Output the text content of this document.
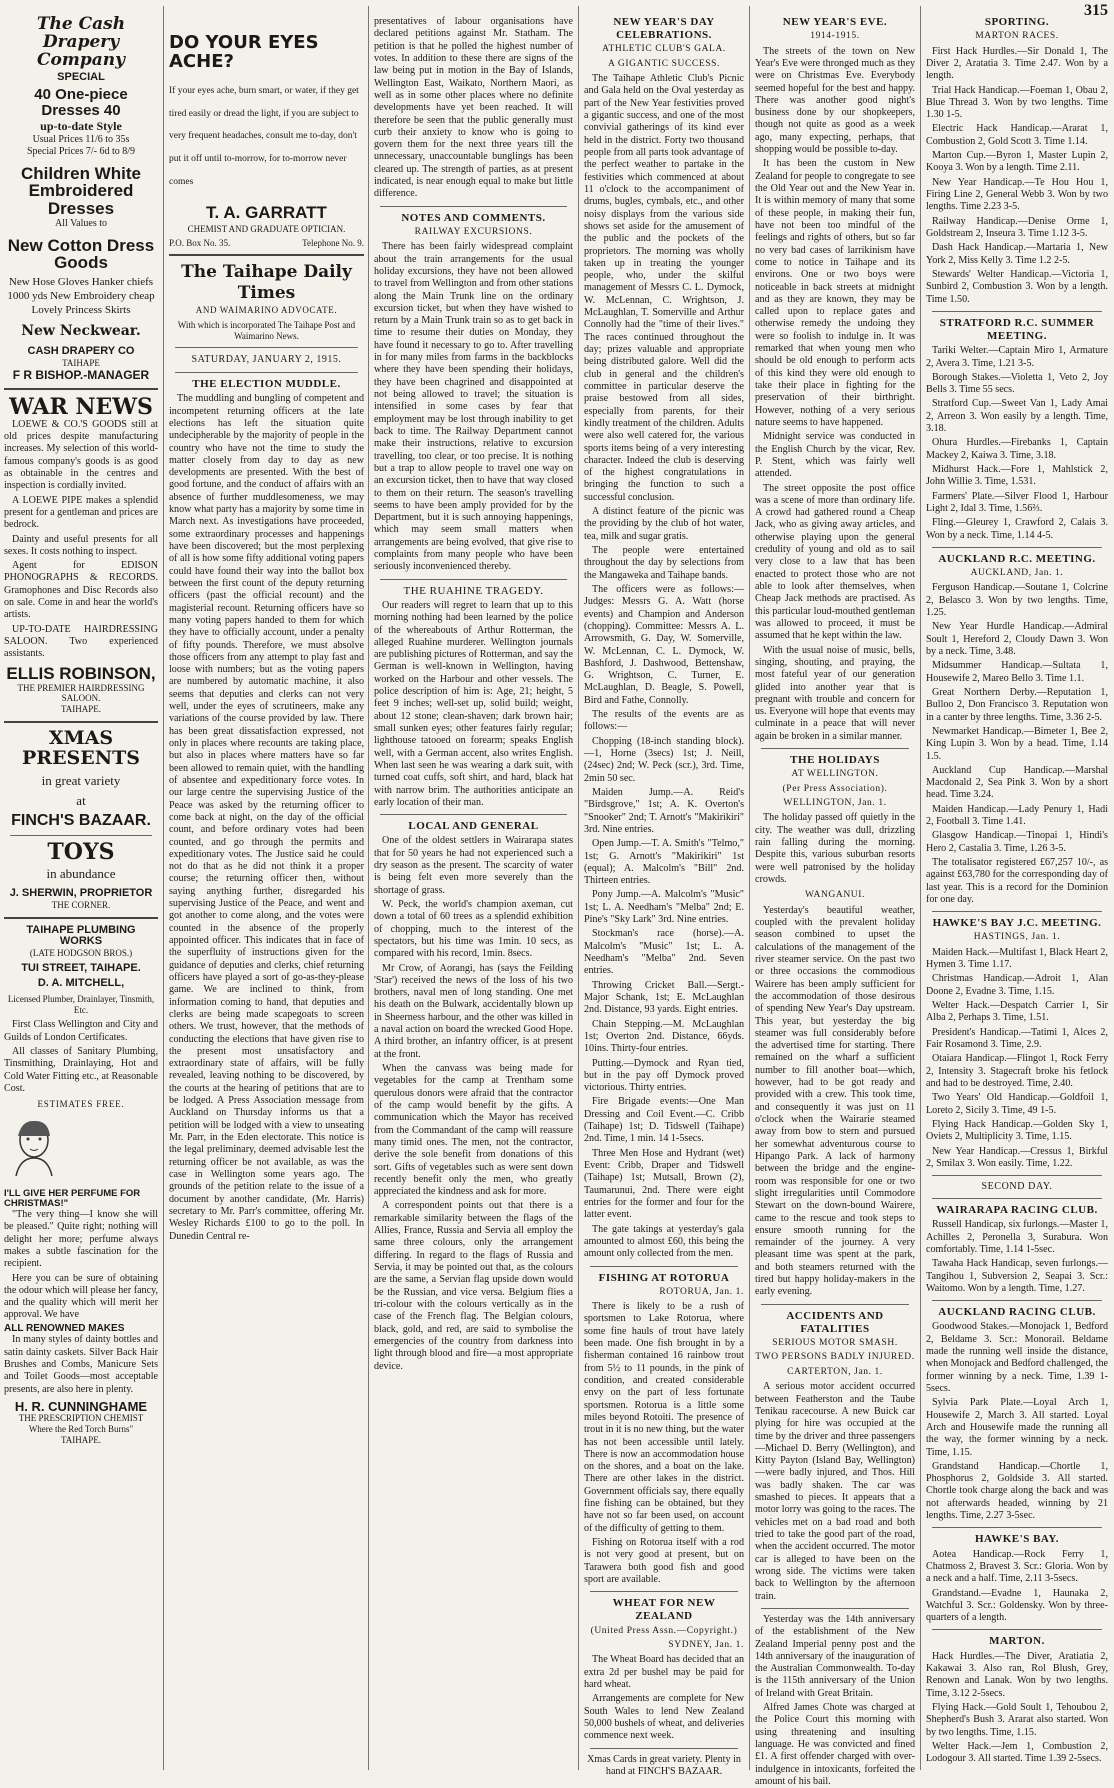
315
The Cash Drapery Company
SPECIAL
40 One-piece Dresses 40
up-to-date Style
Usual Prices 11/6 to 35s
Special Prices 7/- 6d to 8/9
Children White Embroidered Dresses
All Values to
New Cotton Dress Goods
New Hose Gloves Hanker chiefs 1000 yds New Embroidery cheap Lovely Princess Skirts
New Neckwear.
CASH DRAPERY CO
TAIHAPE
F R BISHOP.-MANAGER
WAR NEWS

LOEWE & CO.'S GOODS still at old prices despite manufacturing increases. My selection of this world-famous company's goods is as good as obtainable in the centres and inspection is cordially invited.

A LOEWE PIPE makes a splendid present for a gentleman and prices are bedrock.

Dainty and useful presents for all sexes. It costs nothing to inspect.

Agent for EDISON PHONOGRAPHS & RECORDS. Gramophones and Disc Records also on sale. Come in and hear the world's artists.

UP-TO-DATE HAIRDRESSING SALOON. Two experienced assistants.

ELLIS ROBINSON,
THE PREMIER HAIRDRESSING SALOON.
TAIHAPE.
XMAS PRESENTS
in great variety
at
FINCH'S BAZAAR.
TOYS
in abundance
J. SHERWIN, PROPRIETOR
THE CORNER.
TAIHAPE PLUMBING WORKS
(LATE HODGSON BROS.)
TUI STREET, TAIHAPE.
D. A. MITCHELL,
Licensed Plumber, Drainlayer, Tinsmith, Etc.

First Class Wellington and City and Guilds of London Certificates.

All classes of Sanitary Plumbing, Tinsmithing, Drainlaying, Hot and Cold Water Fitting etc., at Reasonable Cost.

ESTIMATES FREE.
I'LL GIVE HER PERFUME FOR CHRISTMAS!"

"The very thing—I know she will be pleased." Quite right; nothing will delight her more; perfume always makes a subtle fascination for the recipient.

Here you can be sure of obtaining the odour which will please her fancy, and the quality which will merit her approval. We have

ALL RENOWNED MAKES

In many styles of dainty bottles and satin dainty caskets. Silver Back Hair Brushes and Combs, Manicure Sets and Toilet Goods—most acceptable presents, are also here in plenty.

H. R. CUNNINGHAME
THE PRESCRIPTION CHEMIST
Where the Red Torch Burns"
TAIHAPE.
DO YOUR EYES ACHE?

If your eyes ache, burn smart, or water, if they get tired easily or dread the light, if you are subject to very frequent headaches, consult me to-day, don't put it off until to-morrow, for to-morrow never comes

T. A. GARRATT
CHEMIST AND GRADUATE OPTICIAN.
P.O. Box No. 35.	Telephone No. 9.
The Taihape Daily Times
AND WAIMARINO ADVOCATE.
With which is incorporated The Taihape Post and Waimarino News.
SATURDAY, JANUARY 2, 1915.
THE ELECTION MUDDLE.

The muddling and bungling of competent and incompetent returning officers at the late elections has left the situation quite undecipherable by the majority of people in the country who have not the time to study the matter closely from day to day as new developments are presented. With the best of good fortune, and the conduct of affairs with an absence of further muddlesomeness, we may know what party has a majority by some time in March next. As investigations have proceeded, some extraordinary processes and happenings have been discovered; but the most perplexing of all is how some fifty additional voting papers could have found their way into the ballot box between the first count of the deputy returning officers (past the official recount) and the magisterial recount. Returning officers have so many voting papers handed to them for which they have to officially account, under a penalty of fifty pounds. Therefore, we must absolve those officers from any attempt to play fast and loose with numbers; but as the voting papers are numbered by automatic machine, it also seems that deputies and clerks can not very well, under the eyes of scrutineers, make any variations of the course provided by law. There has been great dissatisfaction expressed, not only in places where recounts are taking place, but also in places where matters have so far been allowed to remain quiet, with the handling of absentee and expeditionary force votes. In our large centre the supervising Justice of the Peace was asked by the returning officer to come back at night, on the day of the official count, and before ordinary votes had been counted, and go through the permits and expeditionary votes. The Justice said he could not do that as he did not think it a proper course; the returning officer then, without saying anything further, disregarded his supervising Justice of the Peace, and went and got another to come along, and the votes were counted in the absence of the properly appointed officer. This indicates that in face of the superfluity of instructions given for the guidance of deputies and clerks, chief returning officers have played a sort of go-as-they-please game. We are inclined to think, from information coming to hand, that deputies and clerks are being made scapegoats to screen others. We trust, however, that the methods of conducting the elections that have given rise to the present most unsatisfactory and extraordinary state of affairs, will be fully revealed, leaving nothing to be discovered, by the courts at the hearing of petitions that are to be lodged. A Press Association message from Auckland on Thursday informs us that a petition will be lodged with a view to unseating Mr. Parr, in the Eden electorate. This notice is the legal preliminary, deemed advisable lest the returning officer be not available, as was the case in Wellington some years ago. The grounds of the petition relate to the issue of a document by another candidate, (Mr. Harris) secretary to Mr. Parr's committee, offering Mr. Wesley Richards £100 to go to the poll. In Dunedin Central re-

presentatives of labour organisations have declared petitions against Mr. Statham. The petition is that he polled the highest number of votes. In addition to these there are signs of the law being put in motion in the Bay of Islands, Wellington East, Waikato, Northern Maori, as well as in some other places where no definite developments have yet been reached. It will therefore be seen that the public generally must curb their anxiety to know who is going to govern them for the next three years till the unnecessary, unaccountable bunglings has been cleared up. The strength of parties, as at present indicated, is near enough equal to make but little difference.

NOTES AND COMMENTS.
RAILWAY EXCURSIONS.

There has been fairly widespread complaint about the train arrangements for the usual holiday excursions, they have not been allowed to travel from Wellington and from other stations along the Main Trunk line on the ordinary excursion ticket, but when they have wished to return by a Main Trunk train so as to get back in time to resume their duties on Monday, they have found it necessary to go to. After travelling in for many miles from farms in the backblocks where they have been spending their holidays, they have been chagrined and disappointed at not being allowed to travel; the situation is intensified in some cases by fear that employment may be lost through inability to get back to time. The Railway Department cannot make their instructions, relative to excursion travelling, too clear, or too precise. It is nothing but a trap to allow people to travel one way on an excursion ticket, then to have that way closed to them on their return. The season's travelling seems to have been amply provided for by the Department, but it is such annoying happenings, which may seem small matters when arrangements are being evolved, that give rise to complaints from many people who have been seriously inconvenienced thereby.

THE RUAHINE TRAGEDY.

Our readers will regret to learn that up to this morning nothing had been learned by the police of the whereabouts of Arthur Rotterman, the alleged Ruahine murderer. Wellington journals are publishing pictures of Rotterman, and say the German is well-known in Wellington, having worked on the Harbour and other vessels. The police description of him is: Age, 21; height, 5 feet 9 inches; well-set up, solid build; weight, about 12 stone; clean-shaven; dark brown hair; small sunken eyes; other features fairly regular; lighthouse tatooed on forearm; speaks English well, with a German accent, also writes English. When last seen he was wearing a dark suit, with turned coat cuffs, soft shirt, and hard, black hat with narrow brim. The authorities anticipate an early location of their man.

LOCAL AND GENERAL

One of the oldest settlers in Wairarapa states that for 50 years he had not experienced such a dry season as the present. The scarcity of water is being felt even more severely than the shortage of grass.

W. Peck, the world's champion axeman, cut down a total of 60 trees as a splendid exhibition of chopping, much to the interest of the spectators, but his time was 1min. 10 secs, as compared with his record, 1min. 8secs.

Mr Crow, of Aorangi, has (says the Feilding 'Star') received the news of the loss of his two brothers, naval men of long standing. One met his death on the Bulwark, accidentally blown up in Sheerness harbour, and the other was killed in a naval action on board the wrecked Good Hope. A third brother, an infantry officer, is at present at the front.

When the canvass was being made for vegetables for the camp at Trentham some querulous donors were afraid that the contractor of the camp would benefit by the gifts. A communication which the Mayor has received from the Commandant of the camp will reassure many timid ones. The men, not the contractor, derive the sole benefit from donations of this sort. Gifts of vegetables such as were sent down recently benefit only the men, who greatly appreciated the kindness and ask for more.

A correspondent points out that there is a remarkable similarity between the flags of the Allies, France, Russia and Servia all employ the same three colours, only the arrangement differing. In regard to the flags of Russia and Servia, it may be pointed out that, as the colours are the same, a Servian flag upside down would be the Russian, and vice versa. Belgium flies a tri-colour with the colours vertically as in the case of the French flag. The Belgian colours, black, gold, and red, are said to symbolise the emergencies of the country from darkness into light through blood and fire—a most appropriate device.

NEW YEAR'S DAY CELEBRATIONS.
ATHLETIC CLUB'S GALA.
A GIGANTIC SUCCESS.

The Taihape Athletic Club's Picnic and Gala held on the Oval yesterday as part of the New Year festivities proved a gigantic success, and one of the most convivial gatherings of its kind ever held in the district. Forty two thousand people from all parts took advantage of the perfect weather to partake in the festivities which commenced at about 11 o'clock to the accompaniment of drums, bugles, cymbals, etc., and other noisy displays from the various side shows set aside for the amusement of the public and the pockets of the proprietors. The morning was wholly taken up in treating the younger people, who, under the skilful management of Messrs C. L. Dymock, W. McLennan, C. Wrightson, J. McLaughlan, T. Somerville and Arthur Connolly had the "time of their lives." The races continued throughout the day; prizes valuable and appropriate being distributed galore. Well did the club in general and the children's committee in particular deserve the praise bestowed from all sides, especially from parents, for their kindly treatment of the children. Adults were also well catered for, the various sports items being of a very interesting character. Indeed the club is deserving of the highest congratulations in bringing the function to such a successful conclusion.

A distinct feature of the picnic was the providing by the club of hot water, tea, milk and sugar gratis.

The people were entertained throughout the day by selections from the Mangaweka and Taihape bands.

The officers were as follows:—Judges: Messrs G. A. Watt (horse events) and Champion and Anderson (chopping). Committee: Messrs A. L. Arrowsmith, G. Day, W. Somerville, W. McLennan, C. L. Dymock, W. Bashford, J. Dashwood, Bettenshaw, G. Wrightson, C. Turner, E. McLaughlan, D. Beagle, S. Powell, Bird and Fathe, Connolly.

The results of the events are as follows:—

Chopping (18-inch standing block).—1, Horne (3secs) 1st; J. Neill, (24sec) 2nd; W. Peck (scr.), 3rd. Time, 2min 50 sec.

Maiden Jump.—A. Reid's "Birdsgrove," 1st; A. K. Overton's "Snooker" 2nd; T. Arnott's "Makirikiri" 3rd. Nine entries.

Open Jump.—T. A. Smith's "Telmo," 1st; G. Arnott's "Makirikiri" 1st (equal); A. Malcolm's "Bill" 2nd. Thirteen entries.

Pony Jump.—A. Malcolm's "Music" 1st; L. A. Needham's "Melba" 2nd; E. Pine's "Sky Lark" 3rd. Nine entries.

Stockman's race (horse).—A. Malcolm's "Music" 1st; L. A. Needham's "Melba" 2nd. Seven entries.

Throwing Cricket Ball.—Sergt.-Major Schank, 1st; E. McLaughlan 2nd. Distance, 93 yards. Eight entries.

Chain Stepping.—M. McLaughlan 1st; Overton 2nd. Distance, 66yds. 10ins. Thirty-four entries.

Putting.—Dymock and Ryan tied, but in the pay off Dymock proved victorious. Thirty entries.

Fire Brigade events:—One Man Dressing and Coil Event.—C. Cribb (Taihape) 1st; D. Tidswell (Taihape) 2nd. Time, 1 min. 14 1-5secs.

Three Men Hose and Hydrant (wet) Event: Cribb, Draper and Tidswell (Taihape) 1st; Mutsall, Brown (2), Taumarunui, 2nd. There were eight entries for the former and four for the latter event.

The gate takings at yesterday's gala amounted to almost £60, this being the amount only collected from the men.

FISHING AT ROTORUA
ROTORUA, Jan. 1.

There is likely to be a rush of sportsmen to Lake Rotorua, where some fine hauls of trout have lately been made. One fish brought in by a fisherman contained 16 rainbow trout from 5½ to 11 pounds, in the pink of condition, and created considerable envy on the part of less fortunate sportsmen. Rotorua is a little some miles beyond Rotoiti. The presence of trout in it is no new thing, but the water has not been accessible until lately. There is now an accommodation house on the shores, and a boat on the lake. There are other lakes in the district. Government officials say, there equally fine fishing can be obtained, but they have not so far been used, on account of the difficulty of getting to them.

Fishing on Rotorua itself with a rod is not very good at present, but on Tarawera both good fish and good sport are available.

WHEAT FOR NEW ZEALAND
(United Press Assn.—Copyright.)
SYDNEY, Jan. 1.

The Wheat Board has decided that an extra 2d per bushel may be paid for hard wheat.

Arrangements are complete for New South Wales to lend New Zealand 50,000 bushels of wheat, and deliveries commence next week.

Xmas Cards in great variety. Plenty in hand at FINCH'S BAZAAR.

NEW YEAR'S EVE.
1914-1915.

The streets of the town on New Year's Eve were thronged much as they were on Christmas Eve. Everybody seemed hopeful for the best and happy. There was another good night's business done by our shopkeepers, though not quite as good as a week ago, many expecting, perhaps, that shopping would be possible to-day.

It has been the custom in New Zealand for people to congregate to see the Old Year out and the New Year in. It is within memory of many that some of these people, in making their fun, have not been too mindful of the feelings and rights of others, but so far no very bad cases of larrikinism have come to notice in Taihape and its environs. One or two boys were noticeable in back streets at midnight and as they are known, they may be called upon to replace gates and otherwise remedy the undoing they were so foolish to indulge in. It was remarked that when young men who should be old enough to perform acts of this kind they were old enough to take their place in fighting for the preservation of their birthright. However, nothing of a very serious nature seems to have happened.

Midnight service was conducted in the English Church by the vicar, Rev. P. Stent, which was fairly well attended.

The street opposite the post office was a scene of more than ordinary life. A crowd had gathered round a Cheap Jack, who as giving away articles, and otherwise playing upon the general credulity of young and old as to sail very close to a law that has been enacted to protect those who are not able to look after themselves, when Cheap Jack methods are practised. As this particular loud-mouthed gentleman was allowed to proceed, it must be assumed that he kept within the law.

With the usual noise of music, bells, singing, shouting, and praying, the most fateful year of our generation glided into another year that is pregnant with trouble and concern for us. Everyone will hope that events may culminate in a peace that will never again be broken in a similar manner.

THE HOLIDAYS
AT WELLINGTON.
(Per Press Association).
WELLINGTON, Jan. 1.

The holiday passed off quietly in the city. The weather was dull, drizzling rain falling during the morning. Despite this, various suburban resorts were well patronised by the holiday crowds.

WANGANUI.

Yesterday's beautiful weather, coupled with the prevalent holiday season combined to upset the calculations of the management of the river steamer service. On the past two or three occasions the commodious Wairere has been amply sufficient for the accommodation of those desirous of spending New Year's Day upstream. This year, but yesterday the big steamer was full considerably before the advertised time for starting. There remained on the wharf a sufficient number to fill another boat—which, however, had to be got ready and provided with a crew. This took time, and consequently it was just on 11 o'clock when the Wairarie steamed away from bow to stern and pursued her somewhat adventurous course to Hipango Park. A lack of harmony between the bridge and the engine-room was responsible for one or two slight irregularities until Commodore Stewart on the down-bound Wairere, came to the rescue and took steps to ensure smooth running for the remainder of the journey. A very pleasant time was spent at the park, and both steamers returned with the tired but happy holiday-makers in the early evening.

ACCIDENTS AND FATALITIES
SERIOUS MOTOR SMASH.
TWO PERSONS BADLY INJURED.
CARTERTON, Jan. 1.

A serious motor accident occurred between Featherston and the Taube Tenikau racecourse. A new Buick car plying for hire was occupied at the time by the driver and three passengers—Michael D. Berry (Wellington), and Kitty Payton (Island Bay, Wellington)—were badly injured, and Thos. Hill was badly shaken. The car was smashed to pieces. It appears that a motor lorry was going to the races. The vehicles met on a bad road and both tried to take the good part of the road, when the accident occurred. The motor car is alleged to have been on the wrong side. The victims were taken back to Wellington by the afternoon train.

Yesterday was the 14th anniversary of the establishment of the New Zealand Imperial penny post and the 14th anniversary of the inauguration of the Australian Commonwealth. To-day is the 115th anniversary of the Union of Ireland with Great Britain.

Alfred James Chote was charged at the Police Court this morning with using threatening and insulting language. He was convicted and fined £1. A first offender charged with over-indulgence in intoxicants, forfeited the amount of his bail.

SPORTING.
MARTON RACES.

First Hack Hurdles.—Sir Donald 1, The Diver 2, Aratatia 3. Time 2.47. Won by a length.

Trial Hack Handicap.—Foeman 1, Obau 2, Blue Thread 3. Won by two lengths. Time 1.30 1-5.

Electric Hack Handicap.—Ararat 1, Combustion 2, Gold Scott 3. Time 1.14.

Marton Cup.—Byron 1, Master Lupin 2, Kooya 3. Won by a length. Time 2.11.

New Year Handicap.—Te Hou Hou 1, Firing Line 2, General Webb 3. Won by two lengths. Time 2.23 3-5.

Railway Handicap.—Denise Orme 1, Goldstream 2, Inseura 3. Time 1.12 3-5.

Dash Hack Handicap.—Martaria 1, New York 2, Miss Kelly 3. Time 1.2 2-5.

Stewards' Welter Handicap.—Victoria 1, Sunbird 2, Combustion 3. Won by a length. Time 1.50.

STRATFORD R.C. SUMMER MEETING.

Tariki Welter.—Captain Miro 1, Armature 2, Avera 3. Time, 1.21 3-5.

Borough Stakes.—Violetta 1, Veto 2, Joy Bells 3. Time 55 secs.

Stratford Cup.—Sweet Van 1, Lady Amai 2, Arreon 3. Won easily by a length. Time, 3.18.

Ohura Hurdles.—Firebanks 1, Captain Mackey 2, Kaiwa 3. Time, 3.18.

Midhurst Hack.—Fore 1, Mahlstick 2, John Willie 3. Time, 1.531.

Farmers' Plate.—Silver Flood 1, Harbour Light 2, Idal 3. Time, 1.56⅔.

Fling.—Gleurey 1, Crawford 2, Calais 3. Won by a neck. Time, 1.14 4-5.

AUCKLAND R.C. MEETING.
AUCKLAND, Jan. 1.

Ferguson Handicap.—Soutane 1, Colcrine 2, Belasco 3. Won by two lengths. Time, 1.25.

New Year Hurdle Handicap.—Admiral Soult 1, Hereford 2, Cloudy Dawn 3. Won by a neck. Time, 3.48.

Midsummer Handicap.—Sultata 1, Housewife 2, Mareo Bello 3. Time 1.1.

Great Northern Derby.—Reputation 1, Bulloo 2, Don Francisco 3. Reputation won in a canter by three lengths. Time, 3.36 2-5.

Newmarket Handicap.—Bimeter 1, Bee 2, King Lupin 3. Won by a head. Time, 1.14 1.5.

Auckland Cup Handicap.—Marshal Macdonald 2, Sea Pink 3. Won by a short head. Time 3.24.

Maiden Handicap.—Lady Penury 1, Hadi 2, Football 3. Time 1.41.

Glasgow Handicap.—Tinopai 1, Hindi's Hero 2, Castalia 3. Time, 1.26 3-5.

The totalisator registered £67,257 10/-, as against £63,780 for the corresponding day of last year. This is a record for the Dominion for one day.

HAWKE'S BAY J.C. MEETING.
HASTINGS, Jan. 1.

Maiden Hack.—Multifast 1, Black Heart 2, Hymen 3. Time 1.17.

Christmas Handicap.—Adroit 1, Alan Doone 2, Evadne 3. Time, 1.15.

Welter Hack.—Despatch Carrier 1, Sir Alba 2, Perhaps 3. Time, 1.51.

President's Handicap.—Tatimi 1, Alces 2, Fair Rosamond 3. Time, 2.9.

Otaiara Handicap.—Flingot 1, Rock Ferry 2, Intensity 3. Stagecraft broke his fetlock and had to be destroyed. Time, 2.40.

Two Years' Old Handicap.—Goldfoil 1, Loreto 2, Sicily 3. Time, 49 1-5.

Flying Hack Handicap.—Golden Sky 1, Oviets 2, Multiplicity 3. Time, 1.15.

New Year Handicap.—Cressus 1, Birkful 2, Smilax 3. Won easily. Time, 1.22.

SECOND DAY.
WAIRARAPA RACING CLUB.

Russell Handicap, six furlongs.—Master 1, Achilles 2, Peronella 3, Surabura. Won comfortably. Time, 1.14 1-5sec.

Tawaha Hack Handicap, seven furlongs.—Tangihou 1, Subversion 2, Seapai 3. Scr.: Waitomo. Won by a length. Time, 1.27.

AUCKLAND RACING CLUB.

Goodwood Stakes.—Monojack 1, Bedford 2, Beldame 3. Scr.: Monorail. Beldame made the running well inside the distance, when Monojack and Bedford challenged, the former winning by a neck. Time, 1.39 1-5secs.

Sylvia Park Plate.—Loyal Arch 1, Housewife 2, March 3. All started. Loyal Arch and Housewife made the running all the way, the former winning by a neck. Time, 1.15.

Grandstand Handicap.—Chortle 1, Phosphorus 2, Goldside 3. All started. Chortle took charge along the back and was not afterwards headed, winning by 21 lengths. Time, 2.27 3-5sec.

HAWKE'S BAY.

Aotea Handicap.—Rock Ferry 1, Chatmoss 2, Bravest 3. Scr.: Gloria. Won by a neck and a half. Time, 2.11 3-5secs.

Grandstand.—Evadne 1, Haunaka 2, Watchful 3. Scr.: Goldensky. Won by three-quarters of a length.

MARTON.

Hack Hurdles.—The Diver, Aratiatia 2, Kakawai 3. Also ran, Rol Blush, Grey, Renown and Lanak. Won by two lengths. Time, 3.12 2-5secs.

Flying Hack.—Gold Soult 1, Tehoubou 2, Shepherd's Bush 3. Ararat also started. Won by two lengths. Time, 1.15.

Welter Hack.—Jem 1, Combustion 2, Lodogour 3. All started. Time 1.39 2-5secs.
